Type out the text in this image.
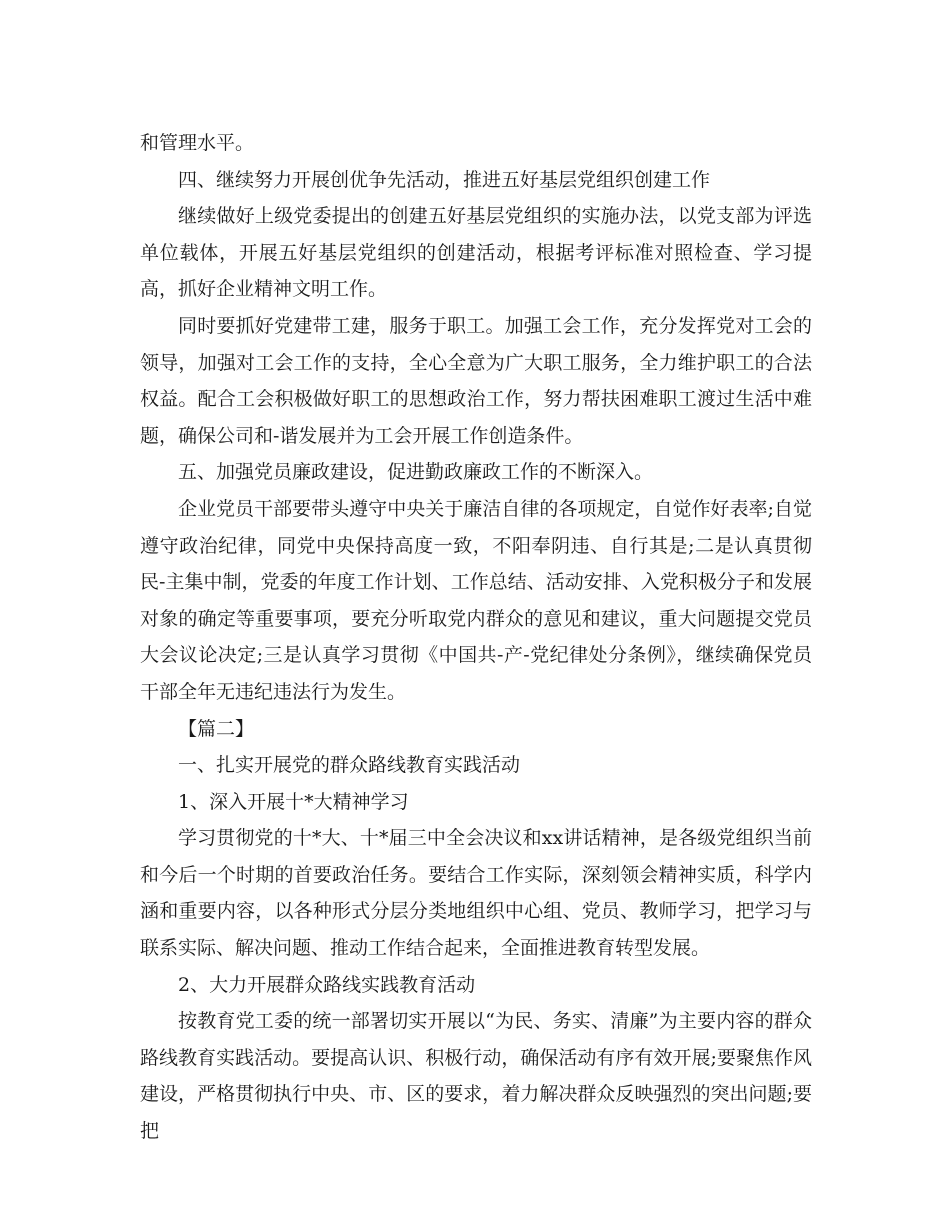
和管理水平。

四、继续努力开展创优争先活动，推进五好基层党组织创建工作

继续做好上级党委提出的创建五好基层党组织的实施办法，以党支部为评选单位载体，开展五好基层党组织的创建活动，根据考评标准对照检查、学习提高，抓好企业精神文明工作。

同时要抓好党建带工建，服务于职工。加强工会工作，充分发挥党对工会的领导，加强对工会工作的支持，全心全意为广大职工服务，全力维护职工的合法权益。配合工会积极做好职工的思想政治工作，努力帮扶困难职工渡过生活中难题，确保公司和-谐发展并为工会开展工作创造条件。

五、加强党员廉政建设，促进勤政廉政工作的不断深入。

企业党员干部要带头遵守中央关于廉洁自律的各项规定，自觉作好表率;自觉遵守政治纪律，同党中央保持高度一致，不阳奉阴违、自行其是;二是认真贯彻民-主集中制，党委的年度工作计划、工作总结、活动安排、入党积极分子和发展对象的确定等重要事项，要充分听取党内群众的意见和建议，重大问题提交党员大会议论决定;三是认真学习贯彻《中国共-产-党纪律处分条例》，继续确保党员干部全年无违纪违法行为发生。

【篇二】

一、扎实开展党的群众路线教育实践活动

1、深入开展十*大精神学习

学习贯彻党的十*大、十*届三中全会决议和xx讲话精神，是各级党组织当前和今后一个时期的首要政治任务。要结合工作实际，深刻领会精神实质，科学内涵和重要内容，以各种形式分层分类地组织中心组、党员、教师学习，把学习与联系实际、解决问题、推动工作结合起来，全面推进教育转型发展。

2、大力开展群众路线实践教育活动

按教育党工委的统一部署切实开展以“为民、务实、清廉”为主要内容的群众路线教育实践活动。要提高认识、积极行动，确保活动有序有效开展;要聚焦作风建设，严格贯彻执行中央、市、区的要求，着力解决群众反映强烈的突出问题;要把
